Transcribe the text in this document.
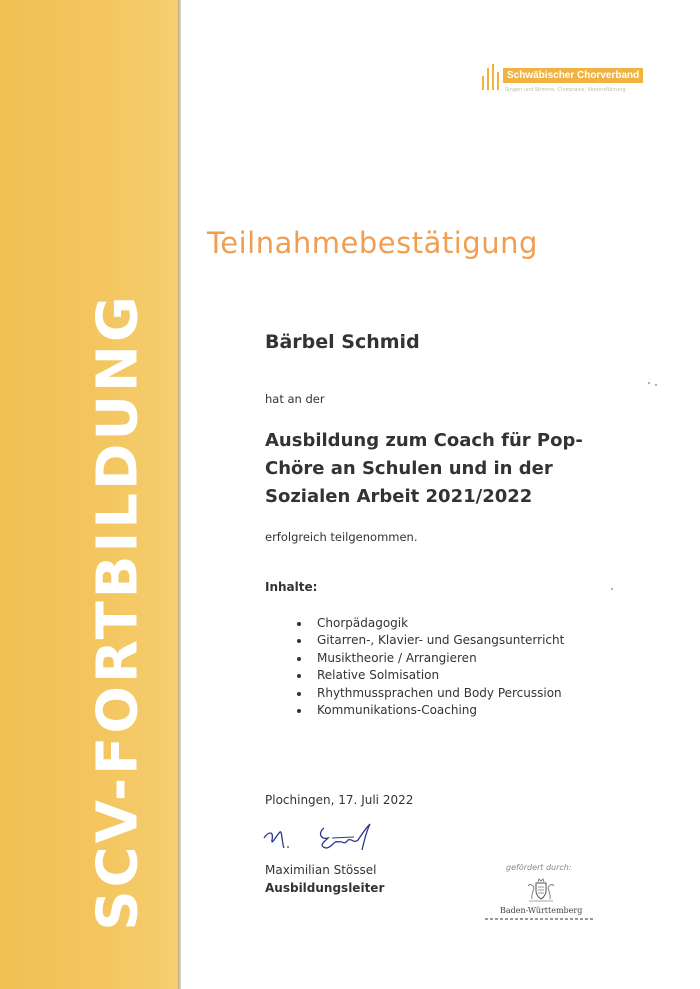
SCV-FORTBILDUNG
Schwäbischer Chorverband
Singen und Stimme, Chorpraxis, Vereinsführung
Teilnahmebestätigung
Bärbel Schmid
hat an der
Ausbildung zum Coach für Pop-
Chöre an Schulen und in der
Sozialen Arbeit 2021/2022
erfolgreich teilgenommen.
Inhalte:
Chorpädagogik
Gitarren-, Klavier- und Gesangsunterricht
Musiktheorie / Arrangieren
Relative Solmisation
Rhythmussprachen und Body Percussion
Kommunikations-Coaching
Plochingen, 17. Juli 2022
Maximilian Stössel
Ausbildungsleiter
gefördert durch:
Baden-Württemberg
